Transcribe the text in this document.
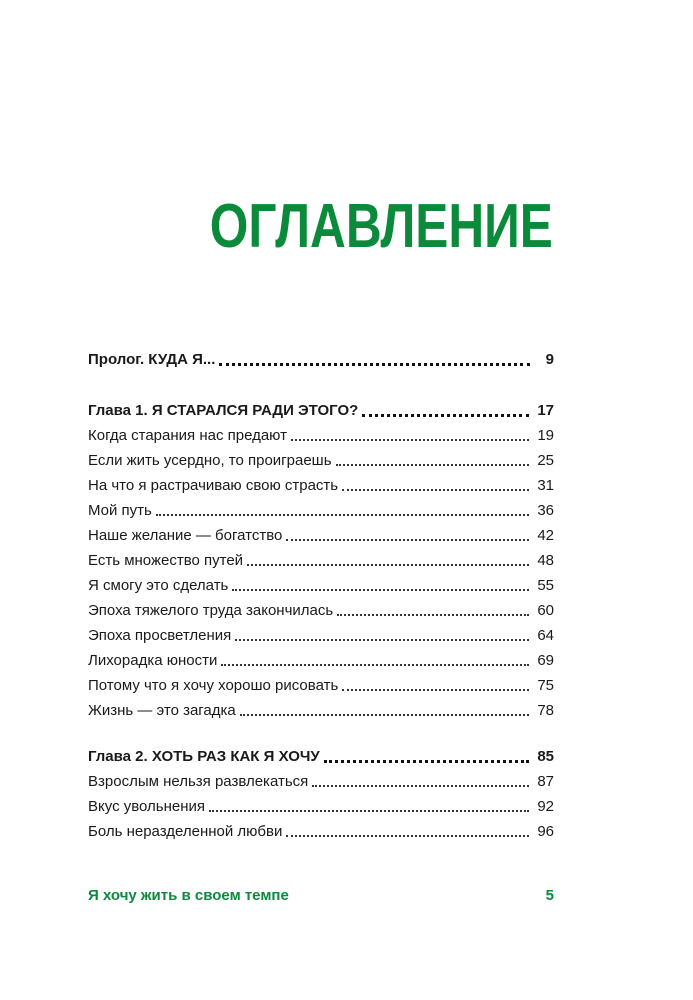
ОГЛАВЛЕНИЕ
Пролог. КУДА Я...	9
Глава 1. Я СТАРАЛСЯ РАДИ ЭТОГО?	17
Когда старания нас предают	19
Если жить усердно, то проиграешь	25
На что я растрачиваю свою страсть	31
Мой путь	36
Наше желание — богатство	42
Есть множество путей	48
Я смогу это сделать	55
Эпоха тяжелого труда закончилась	60
Эпоха просветления	64
Лихорадка юности	69
Потому что я хочу хорошо рисовать	75
Жизнь — это загадка	78
Глава 2. ХОТЬ РАЗ КАК Я ХОЧУ	85
Взрослым нельзя развлекаться	87
Вкус увольнения	92
Боль неразделенной любви	96
Я хочу жить в своем темпе	5
